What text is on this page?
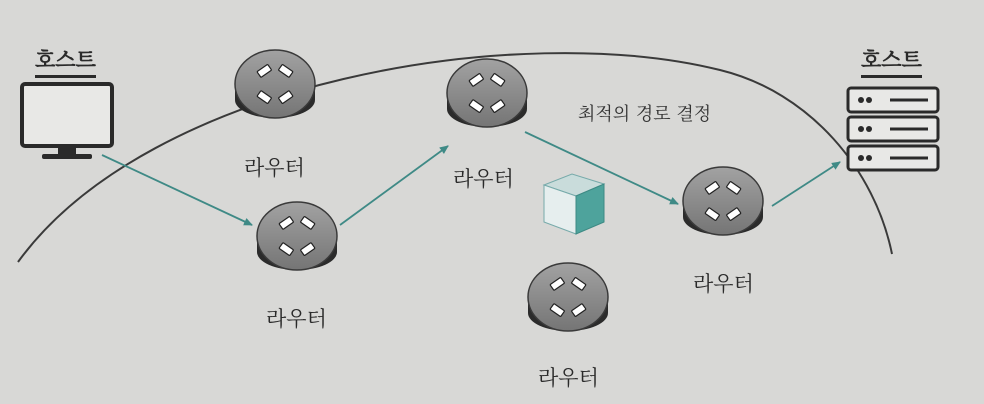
호스트	호스트
라우터	라우터
라우터
라우터
라우터
최적의 경로 결정
